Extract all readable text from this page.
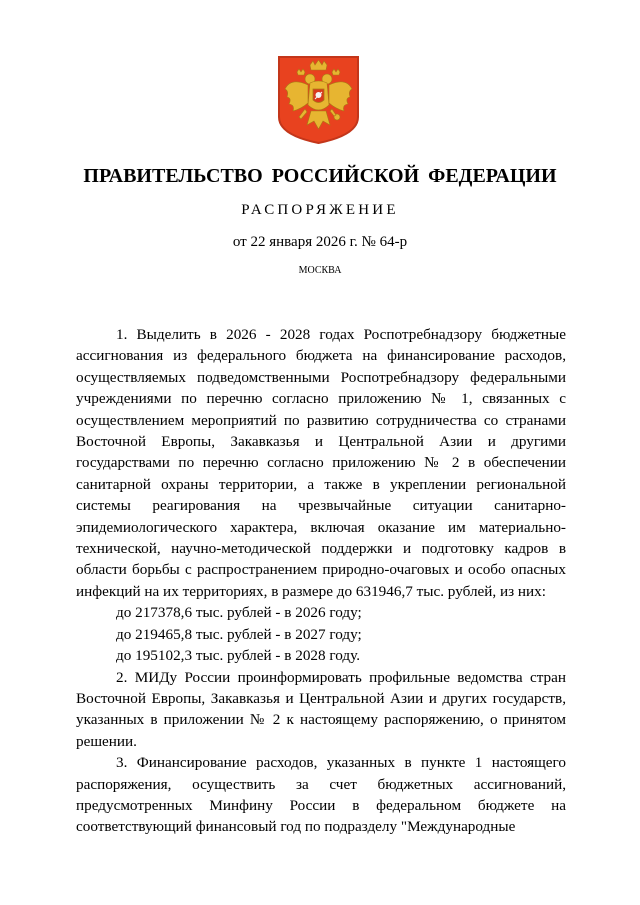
ПРАВИТЕЛЬСТВО РОССИЙСКОЙ ФЕДЕРАЦИИ
РАСПОРЯЖЕНИЕ
от 22 января 2026 г. № 64-р
МОСКВА

1. Выделить в 2026 - 2028 годах Роспотребнадзору бюджетные ассигнования из федерального бюджета на финансирование расходов, осуществляемых подведомственными Роспотребнадзору федеральными учреждениями по перечню согласно приложению № 1, связанных с осуществлением мероприятий по развитию сотрудничества со странами Восточной Европы, Закавказья и Центральной Азии и другими государствами по перечню согласно приложению № 2 в обеспечении санитарной охраны территории, а также в укреплении региональной системы реагирования на чрезвычайные ситуации санитарно-эпидемиологического характера, включая оказание им материально-технической, научно-методической поддержки и подготовку кадров в области борьбы с распространением природно-очаговых и особо опасных инфекций на их территориях, в размере до 631946,7 тыс. рублей, из них:

до 217378,6 тыс. рублей - в 2026 году;

до 219465,8 тыс. рублей - в 2027 году;

до 195102,3 тыс. рублей - в 2028 году.

2. МИДу России проинформировать профильные ведомства стран Восточной Европы, Закавказья и Центральной Азии и других государств, указанных в приложении № 2 к настоящему распоряжению, о принятом решении.

3. Финансирование расходов, указанных в пункте 1 настоящего распоряжения, осуществить за счет бюджетных ассигнований, предусмотренных Минфину России в федеральном бюджете на соответствующий финансовый год по подразделу "Международные
